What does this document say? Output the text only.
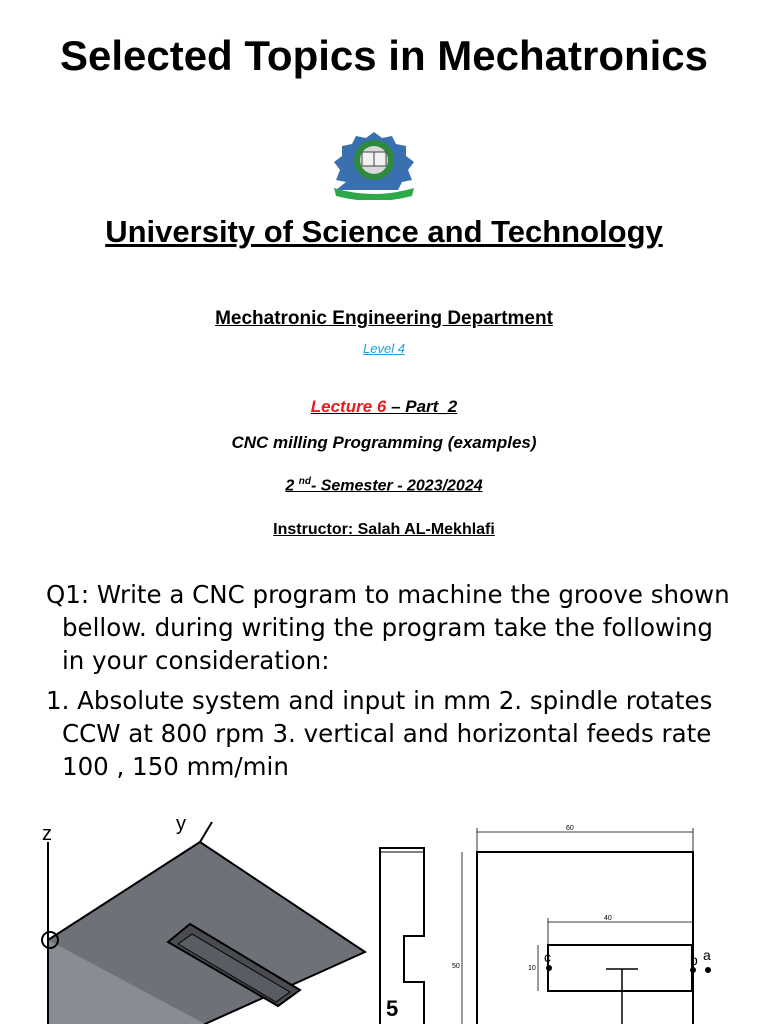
Selected Topics in Mechatronics
University of Science and Technology
Mechatronic Engineering Department
Level 4
Lecture 6 – Part_2
CNC milling Programming (examples)
2 $^{nd}$- Semester - 2023/2024
Instructor: Salah AL-Mekhlafi
Q1: Write a CNC program to machine the groove shown
bellow. during writing the program take the following in your consideration:
1. Absolute system and input in mm 2. spindle rotates
CCW at 800 rpm 3. vertical and horizontal feeds rate 100 , 150 mm/min
z	y
5
60
40
50	10
c	b a
